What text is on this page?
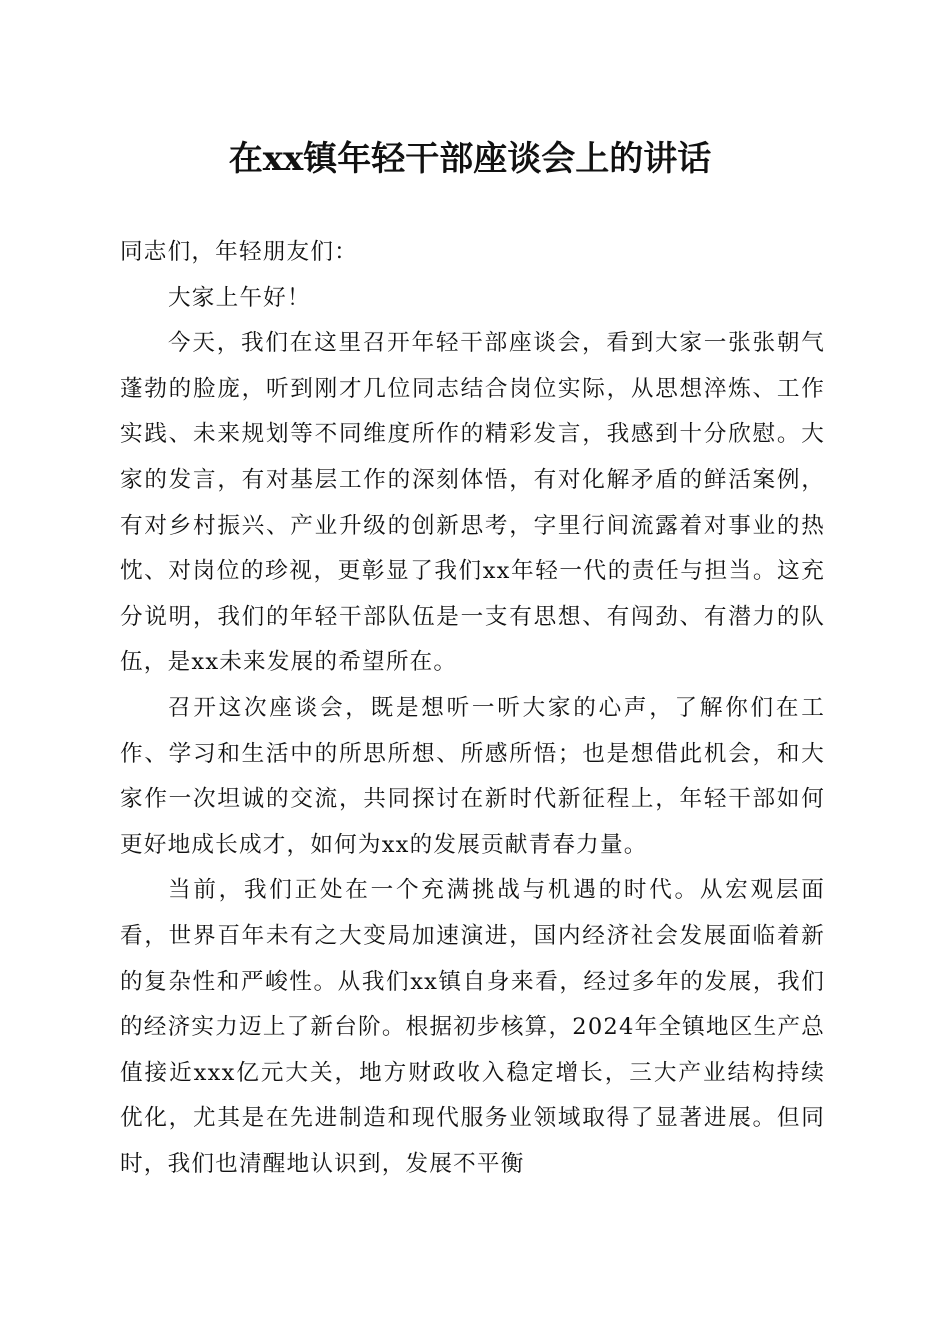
在xx镇年轻干部座谈会上的讲话

同志们，年轻朋友们：

大家上午好！

今天，我们在这里召开年轻干部座谈会，看到大家一张张朝气蓬勃的脸庞，听到刚才几位同志结合岗位实际，从思想淬炼、工作实践、未来规划等不同维度所作的精彩发言，我感到十分欣慰。大家的发言，有对基层工作的深刻体悟，有对化解矛盾的鲜活案例，有对乡村振兴、产业升级的创新思考，字里行间流露着对事业的热忱、对岗位的珍视，更彰显了我们xx年轻一代的责任与担当。这充分说明，我们的年轻干部队伍是一支有思想、有闯劲、有潜力的队伍，是xx未来发展的希望所在。

召开这次座谈会，既是想听一听大家的心声，了解你们在工作、学习和生活中的所思所想、所感所悟；也是想借此机会，和大家作一次坦诚的交流，共同探讨在新时代新征程上，年轻干部如何更好地成长成才，如何为xx的发展贡献青春力量。

当前，我们正处在一个充满挑战与机遇的时代。从宏观层面看，世界百年未有之大变局加速演进，国内经济社会发展面临着新的复杂性和严峻性。从我们xx镇自身来看，经过多年的发展，我们的经济实力迈上了新台阶。根据初步核算，2024年全镇地区生产总值接近xxx亿元大关，地方财政收入稳定增长，三大产业结构持续优化，尤其是在先进制造和现代服务业领域取得了显著进展。但同时，我们也清醒地认识到，发展不平衡
